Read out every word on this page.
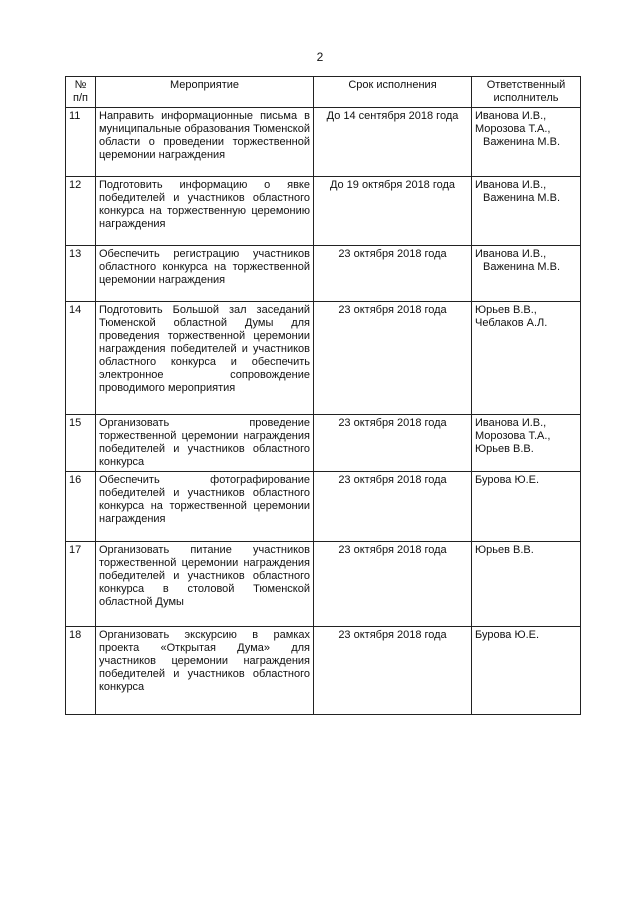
2
№ п/п	Мероприятие	Срок исполнения	Ответственный исполнитель
11	Направить информационные письма в муниципальные образования Тюменской области о проведении торжественной церемонии награждения	До 14 сентября 2018 года	Иванова И.В.,
Морозова Т.А.,
Важенина М.В.

12	Подготовить информацию о явке победителей и участников областного конкурса на торжественную церемонию награждения	До 19 октября 2018 года	Иванова И.В.,
Важенина М.В.

13	Обеспечить регистрацию участников областного конкурса на торжественной церемонии награждения	23 октября 2018 года	Иванова И.В.,
Важенина М.В.

14	Подготовить Большой зал заседаний Тюменской областной Думы для проведения торжественной церемонии награждения победителей и участников областного конкурса и обеспечить электронное сопровождение проводимого мероприятия	23 октября 2018 года	Юрьев В.В.,
Чеблаков А.Л.

15	Организовать проведение торжественной церемонии награждения победителей и участников областного конкурса	23 октября 2018 года	Иванова И.В.,
Морозова Т.А.,
Юрьев В.В.

16	Обеспечить фотографирование победителей и участников областного конкурса на торжественной церемонии награждения	23 октября 2018 года	Бурова Ю.Е.

17	Организовать питание участников торжественной церемонии награждения победителей и участников областного конкурса в столовой Тюменской областной Думы	23 октября 2018 года	Юрьев В.В.

18	Организовать экскурсию в рамках проекта «Открытая Дума» для участников церемонии награждения победителей и участников областного конкурса	23 октября 2018 года	Бурова Ю.Е.
